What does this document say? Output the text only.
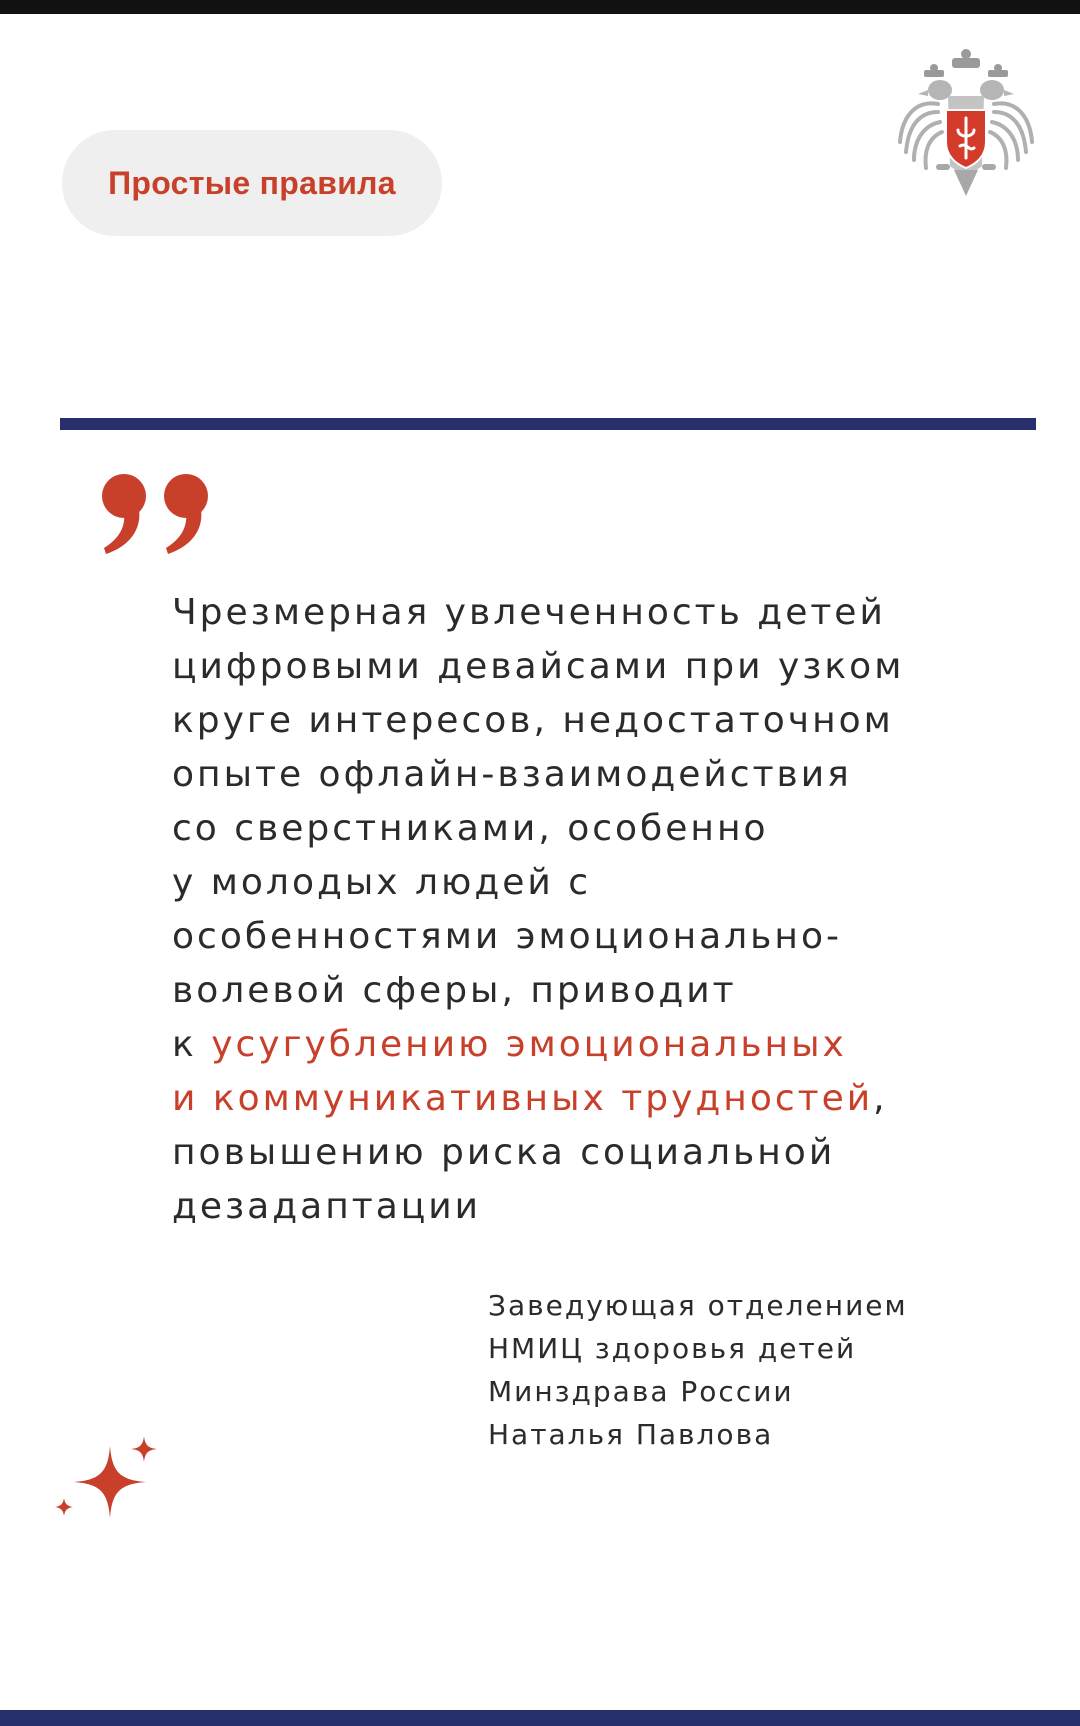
Простые правила

Чрезмерная увлеченность детей
цифровыми девайсами при узком
круге интересов, недостаточном
опыте офлайн-взаимодействия
со сверстниками, особенно
у молодых людей с
особенностями эмоционально-
волевой сферы, приводит
к усугублению эмоциональных
и коммуникативных трудностей,
повышению риска социальной
дезадаптации

Заведующая отделением
НМИЦ здоровья детей
Минздрава России
Наталья Павлова
